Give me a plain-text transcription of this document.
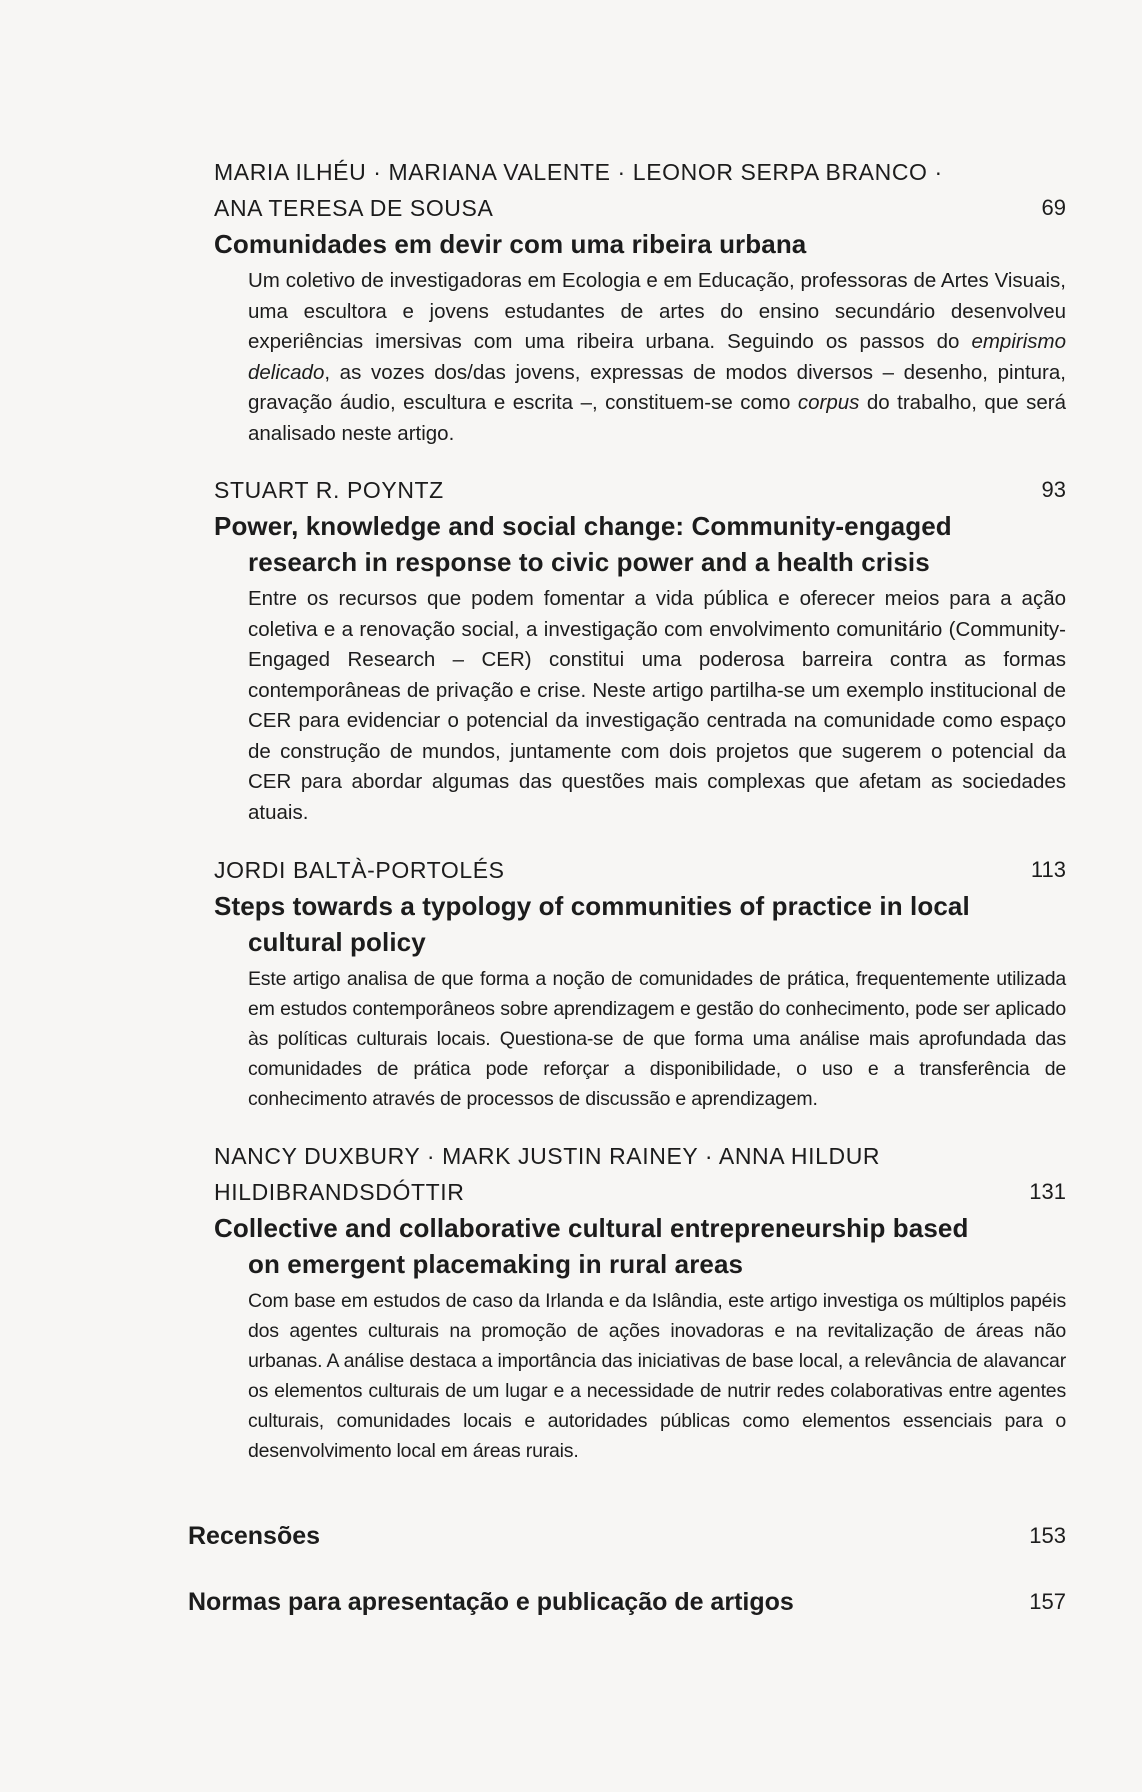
MARIA ILHÉU · MARIANA VALENTE · LEONOR SERPA BRANCO ·
ANA TERESA DE SOUSA	69

Comunidades em devir com uma ribeira urbana

Um coletivo de investigadoras em Ecologia e em Educação, professoras de Artes Visuais, uma escultora e jovens estudantes de artes do ensino secundário desenvolveu experiências imersivas com uma ribeira urbana. Seguindo os passos do empirismo delicado, as vozes dos/das jovens, expressas de modos diversos – desenho, pintura, gravação áudio, escultura e escrita –, constituem-se como corpus do trabalho, que será analisado neste artigo.

STUART R. POYNTZ	93

Power, knowledge and social change: Community-engaged
research in response to civic power and a health crisis

Entre os recursos que podem fomentar a vida pública e oferecer meios para a ação coletiva e a renovação social, a investigação com envolvimento comunitário (Community-Engaged Research – CER) constitui uma poderosa barreira contra as formas contemporâneas de privação e crise. Neste artigo partilha-se um exemplo institucional de CER para evidenciar o potencial da investigação centrada na comunidade como espaço de construção de mundos, juntamente com dois projetos que sugerem o potencial da CER para abordar algumas das questões mais complexas que afetam as sociedades atuais.

JORDI BALTÀ-PORTOLÉS	113

Steps towards a typology of communities of practice in local
cultural policy

Este artigo analisa de que forma a noção de comunidades de prática, frequentemente utilizada em estudos contemporâneos sobre aprendizagem e gestão do conhecimento, pode ser aplicado às políticas culturais locais. Questiona-se de que forma uma análise mais aprofundada das comunidades de prática pode reforçar a disponibilidade, o uso e a transferência de conhecimento através de processos de discussão e aprendizagem.

NANCY DUXBURY · MARK JUSTIN RAINEY · ANNA HILDUR
HILDIBRANDSDÓTTIR	131

Collective and collaborative cultural entrepreneurship based
on emergent placemaking in rural areas

Com base em estudos de caso da Irlanda e da Islândia, este artigo investiga os múltiplos papéis dos agentes culturais na promoção de ações inovadoras e na revitalização de áreas não urbanas. A análise destaca a importância das iniciativas de base local, a relevância de alavancar os elementos culturais de um lugar e a necessidade de nutrir redes colaborativas entre agentes culturais, comunidades locais e autoridades públicas como elementos essenciais para o desenvolvimento local em áreas rurais.

Recensões	153
Normas para apresentação e publicação de artigos	157
